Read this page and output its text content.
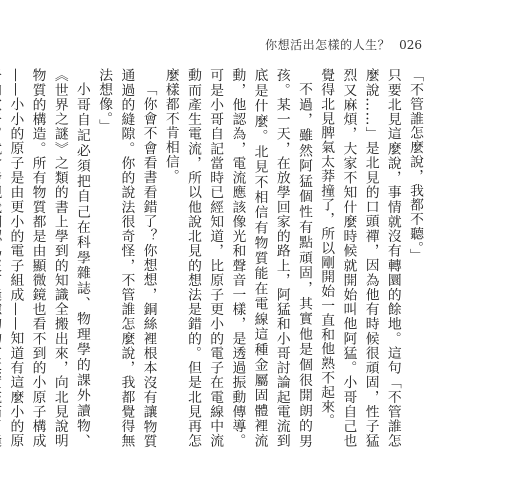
你想活出怎樣的人生？ 026

「不管誰怎麼說，我都不聽。」

只要北見這麼說，事情就沒有轉圜的餘地。這句「不管誰怎麼說……」是北見的口頭禪，因為他有時候很頑固，性子猛烈又麻煩，大家不知什麼時候就開始叫他阿猛。小哥自己也覺得北見脾氣太莽撞了，所以剛開始一直和他熟不起來。

不過，雖然阿猛個性有點頑固，其實他是個很開朗的男孩。某一天，在放學回家的路上，阿猛和小哥討論起電流到底是什麼。北見不相信有物質能在電線這種金屬固體裡流動，他認為，電流應該像光和聲音一樣，是透過振動傳導。可是小哥自記當時已經知道，比原子更小的電子在電線中流動而產生電流，所以他說北見的想法是錯的。但是北見再怎麼樣都不肯相信。

「你會不會看書看錯了？你想想，銅絲裡根本沒有讓物質通過的縫隙。你的說法很奇怪，不管誰怎麼說，我都覺得無法想像。」

小哥自記必須把自己在科學雜誌、物理學的課外讀物、《世界之謎》之類的書上學到的知識全搬出來，向北見說明物質的構造。所有物質都是由顯微鏡也看不到的小原子構成——小小的原子是由更小的電子組成——知道有這麼小的原
